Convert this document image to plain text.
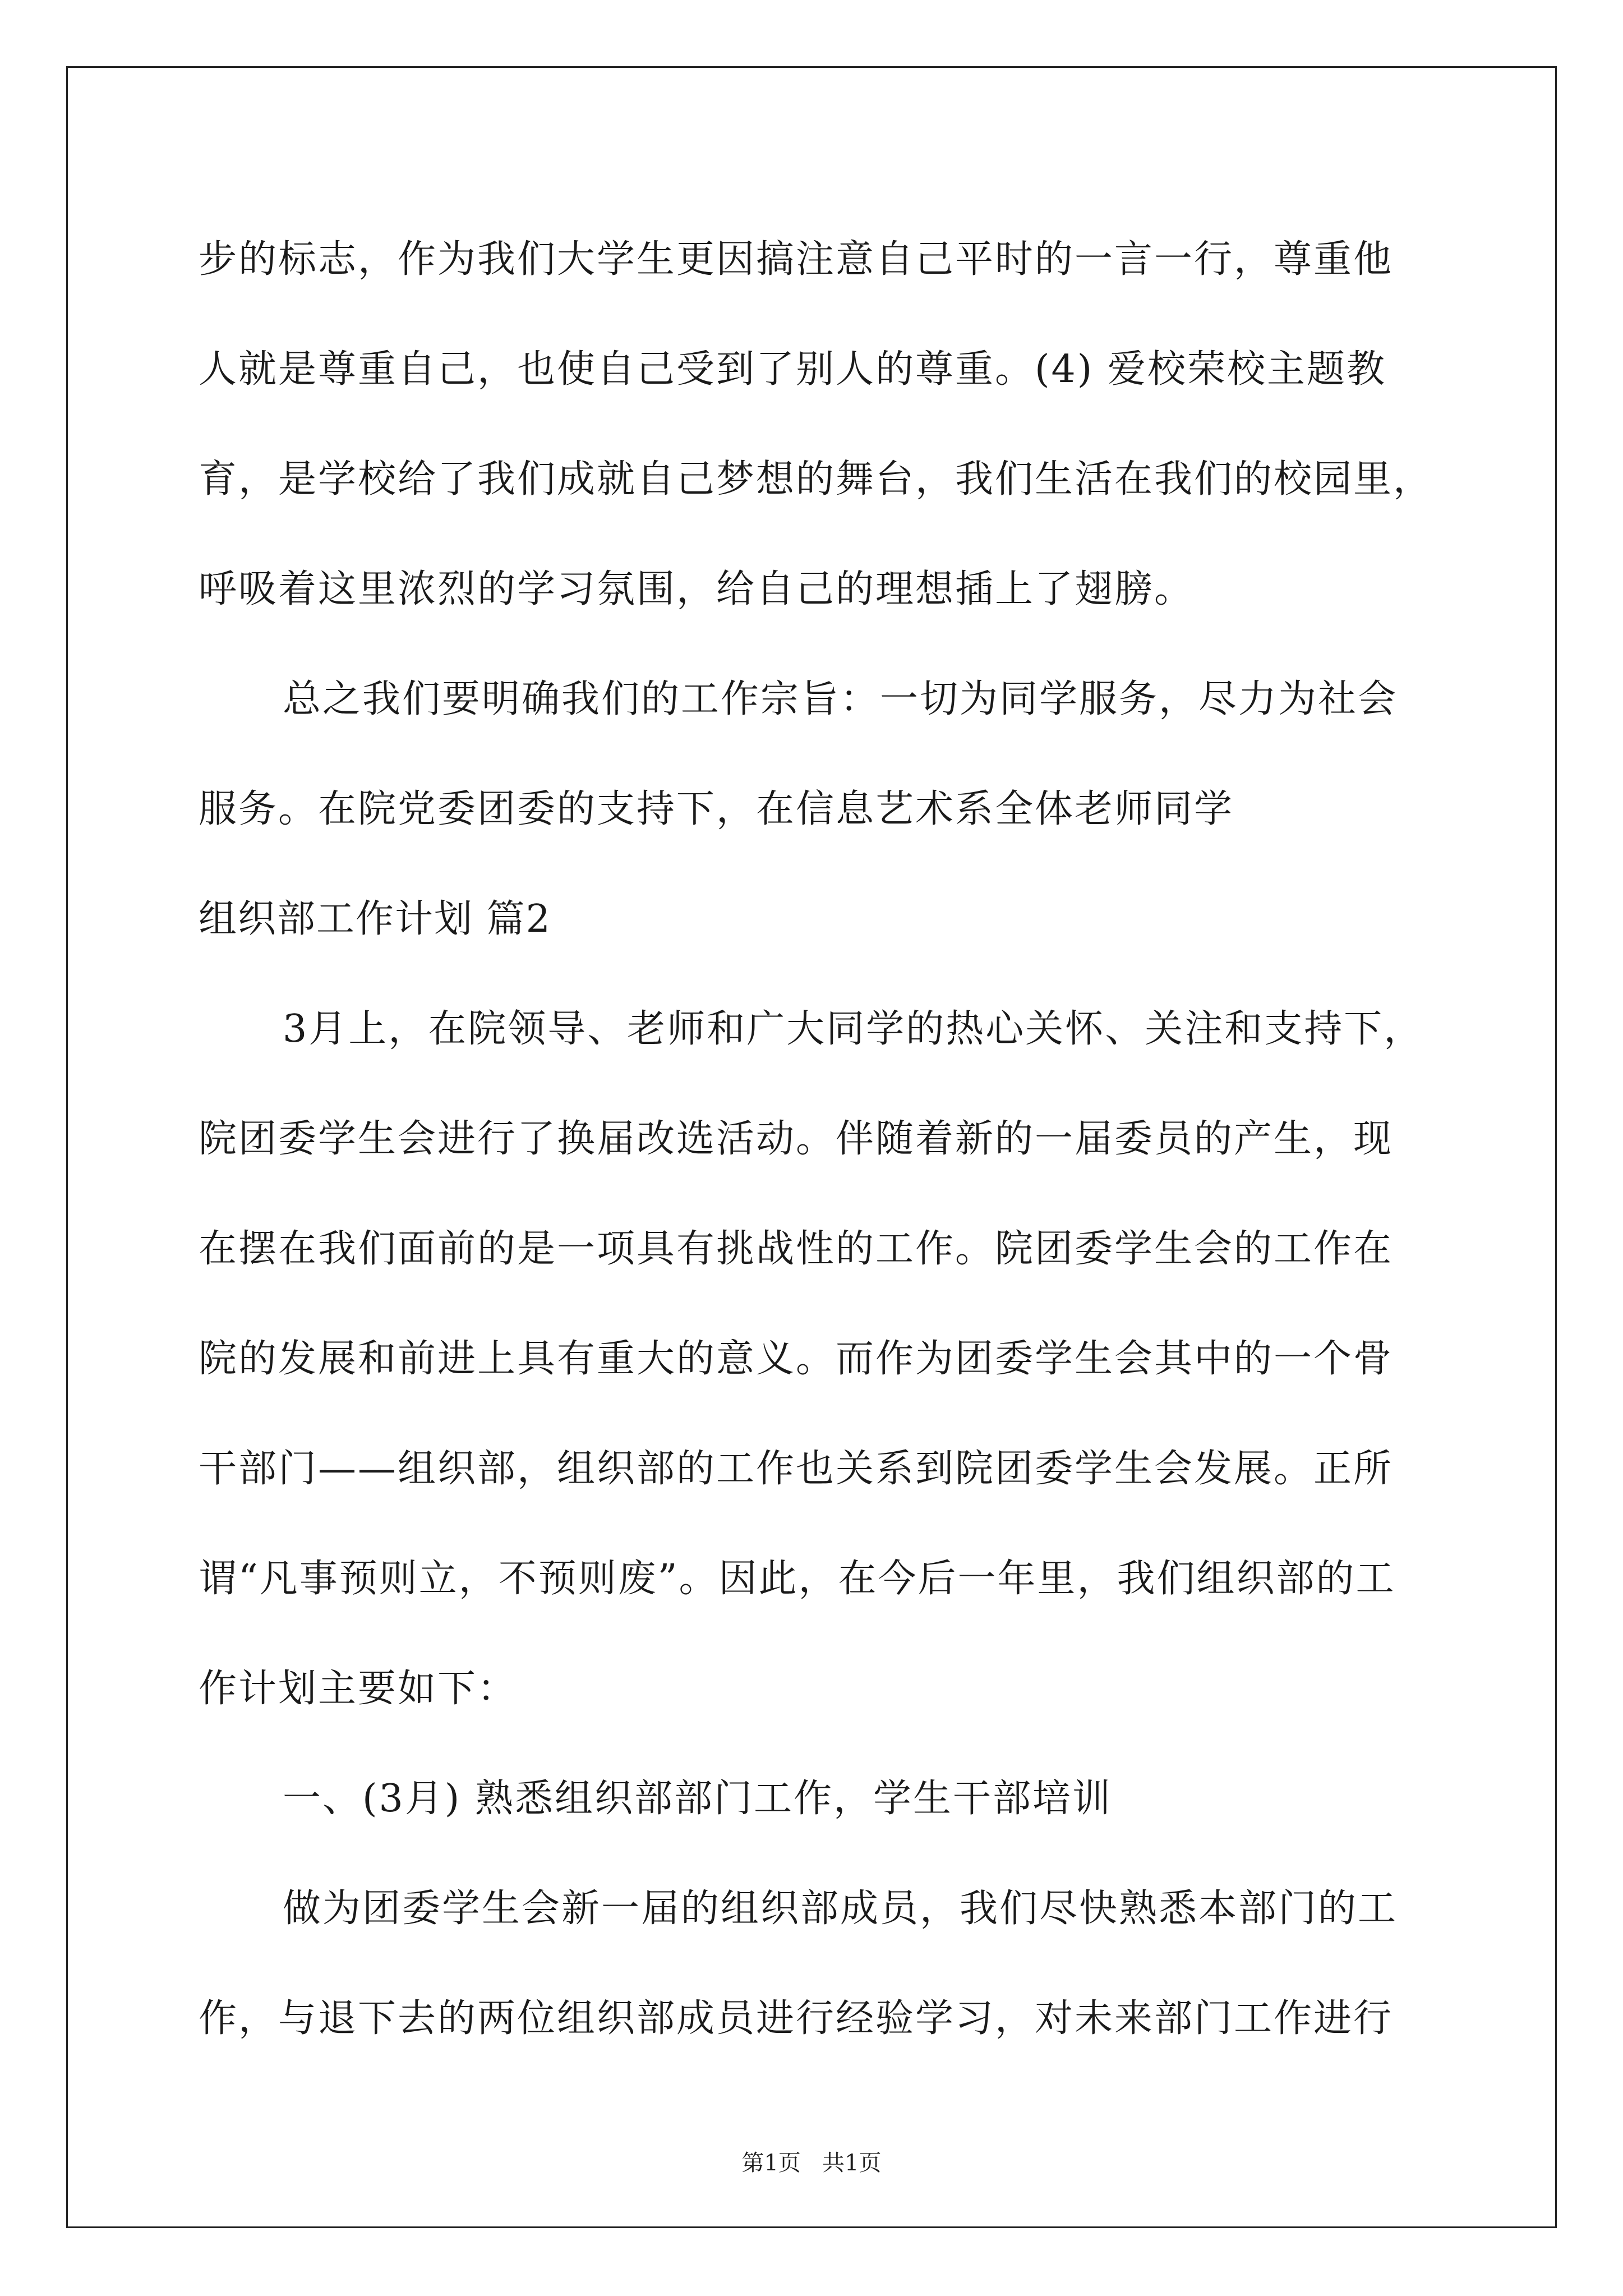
步的标志，作为我们大学生更因搞注意自己平时的一言一行，尊重他
人就是尊重自己，也使自己受到了别人的尊重。(4) 爱校荣校主题教
育，是学校给了我们成就自己梦想的舞台，我们生活在我们的校园里，
呼吸着这里浓烈的学习氛围，给自己的理想插上了翅膀。
总之我们要明确我们的工作宗旨：一切为同学服务，尽力为社会
服务。在院党委团委的支持下，在信息艺术系全体老师同学
组织部工作计划 篇2
3月上，在院领导、老师和广大同学的热心关怀、关注和支持下，
院团委学生会进行了换届改选活动。伴随着新的一届委员的产生，现
在摆在我们面前的是一项具有挑战性的工作。院团委学生会的工作在
院的发展和前进上具有重大的意义。而作为团委学生会其中的一个骨
干部门——组织部，组织部的工作也关系到院团委学生会发展。正所
谓“凡事预则立，不预则废”。因此，在今后一年里，我们组织部的工
作计划主要如下：
一、(3月) 熟悉组织部部门工作，学生干部培训
做为团委学生会新一届的组织部成员，我们尽快熟悉本部门的工
作，与退下去的两位组织部成员进行经验学习，对未来部门工作进行
第1页   共1页
